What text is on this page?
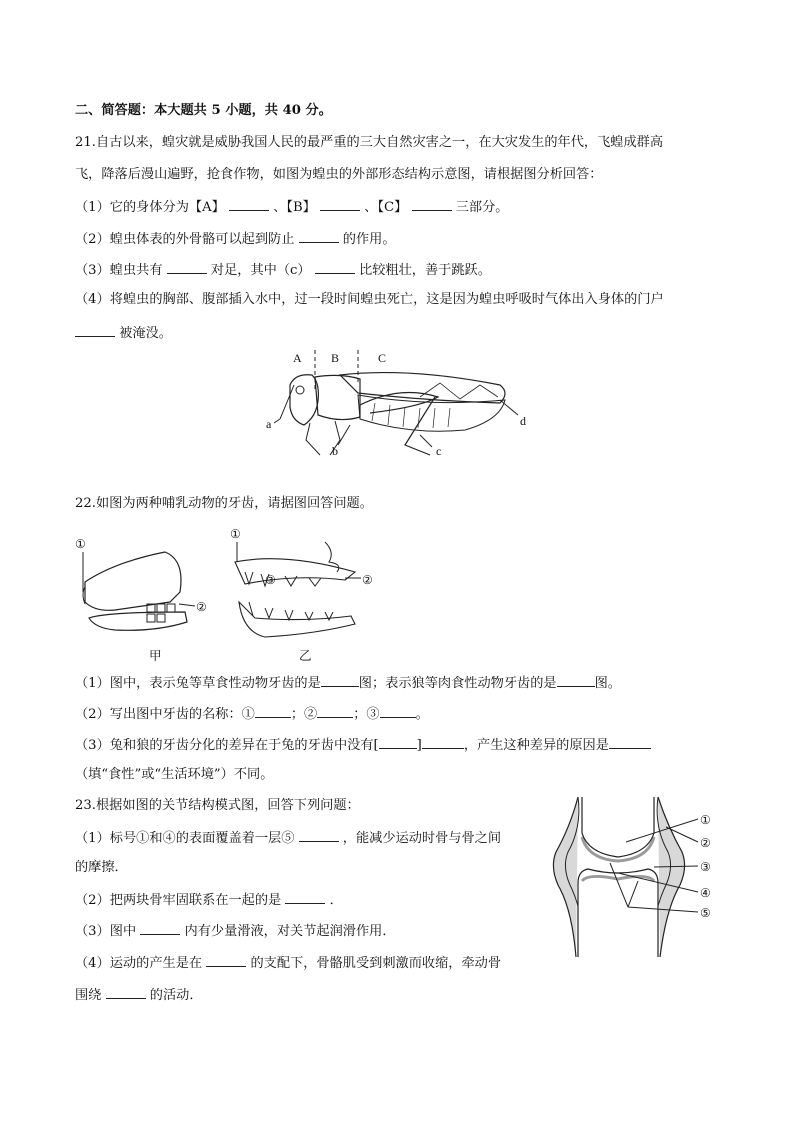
二、简答题：本大题共 5 小题，共 40 分。
21.自古以来，蝗灾就是威胁我国人民的最严重的三大自然灾害之一，在大灾发生的年代，飞蝗成群高
飞，降落后漫山遍野，抢食作物，如图为蝗虫的外部形态结构示意图，请根据图分析回答：
（1）它的身体分为【A】	、【B】	、【C】	三部分。
（2）蝗虫体表的外骨骼可以起到防止	的作用。
（3）蝗虫共有	对足，其中（c）	比较粗壮，善于跳跃。
（4）将蝗虫的胸部、腹部插入水中，过一段时间蝗虫死亡，这是因为蝗虫呼吸时气体出入身体的门户
被淹没。
A B	C
a
b	c
d
22.如图为两种哺乳动物的牙齿，请据图回答问题。
①
②
甲
①
③	②
乙
（1）图中，表示兔等草食性动物牙齿的是	图；表示狼等肉食性动物牙齿的是	图。
（2）写出图中牙齿的名称：①	；②	；③	。
（3）兔和狼的牙齿分化的差异在于兔的牙齿中没有[	]	，产生这种差异的原因是
（填“食性”或“生活环境”）不同。
23.根据如图的关节结构模式图，回答下列问题：
（1）标号①和④的表面覆盖着一层⑤	，能减少运动时骨与骨之间
的摩擦．
（2）把两块骨牢固联系在一起的是	．
（3）图中	内有少量滑液，对关节起润滑作用．
（4）运动的产生是在	的支配下，骨骼肌受到刺激而收缩，牵动骨
围绕	的活动．
①
②
③
④
⑤
